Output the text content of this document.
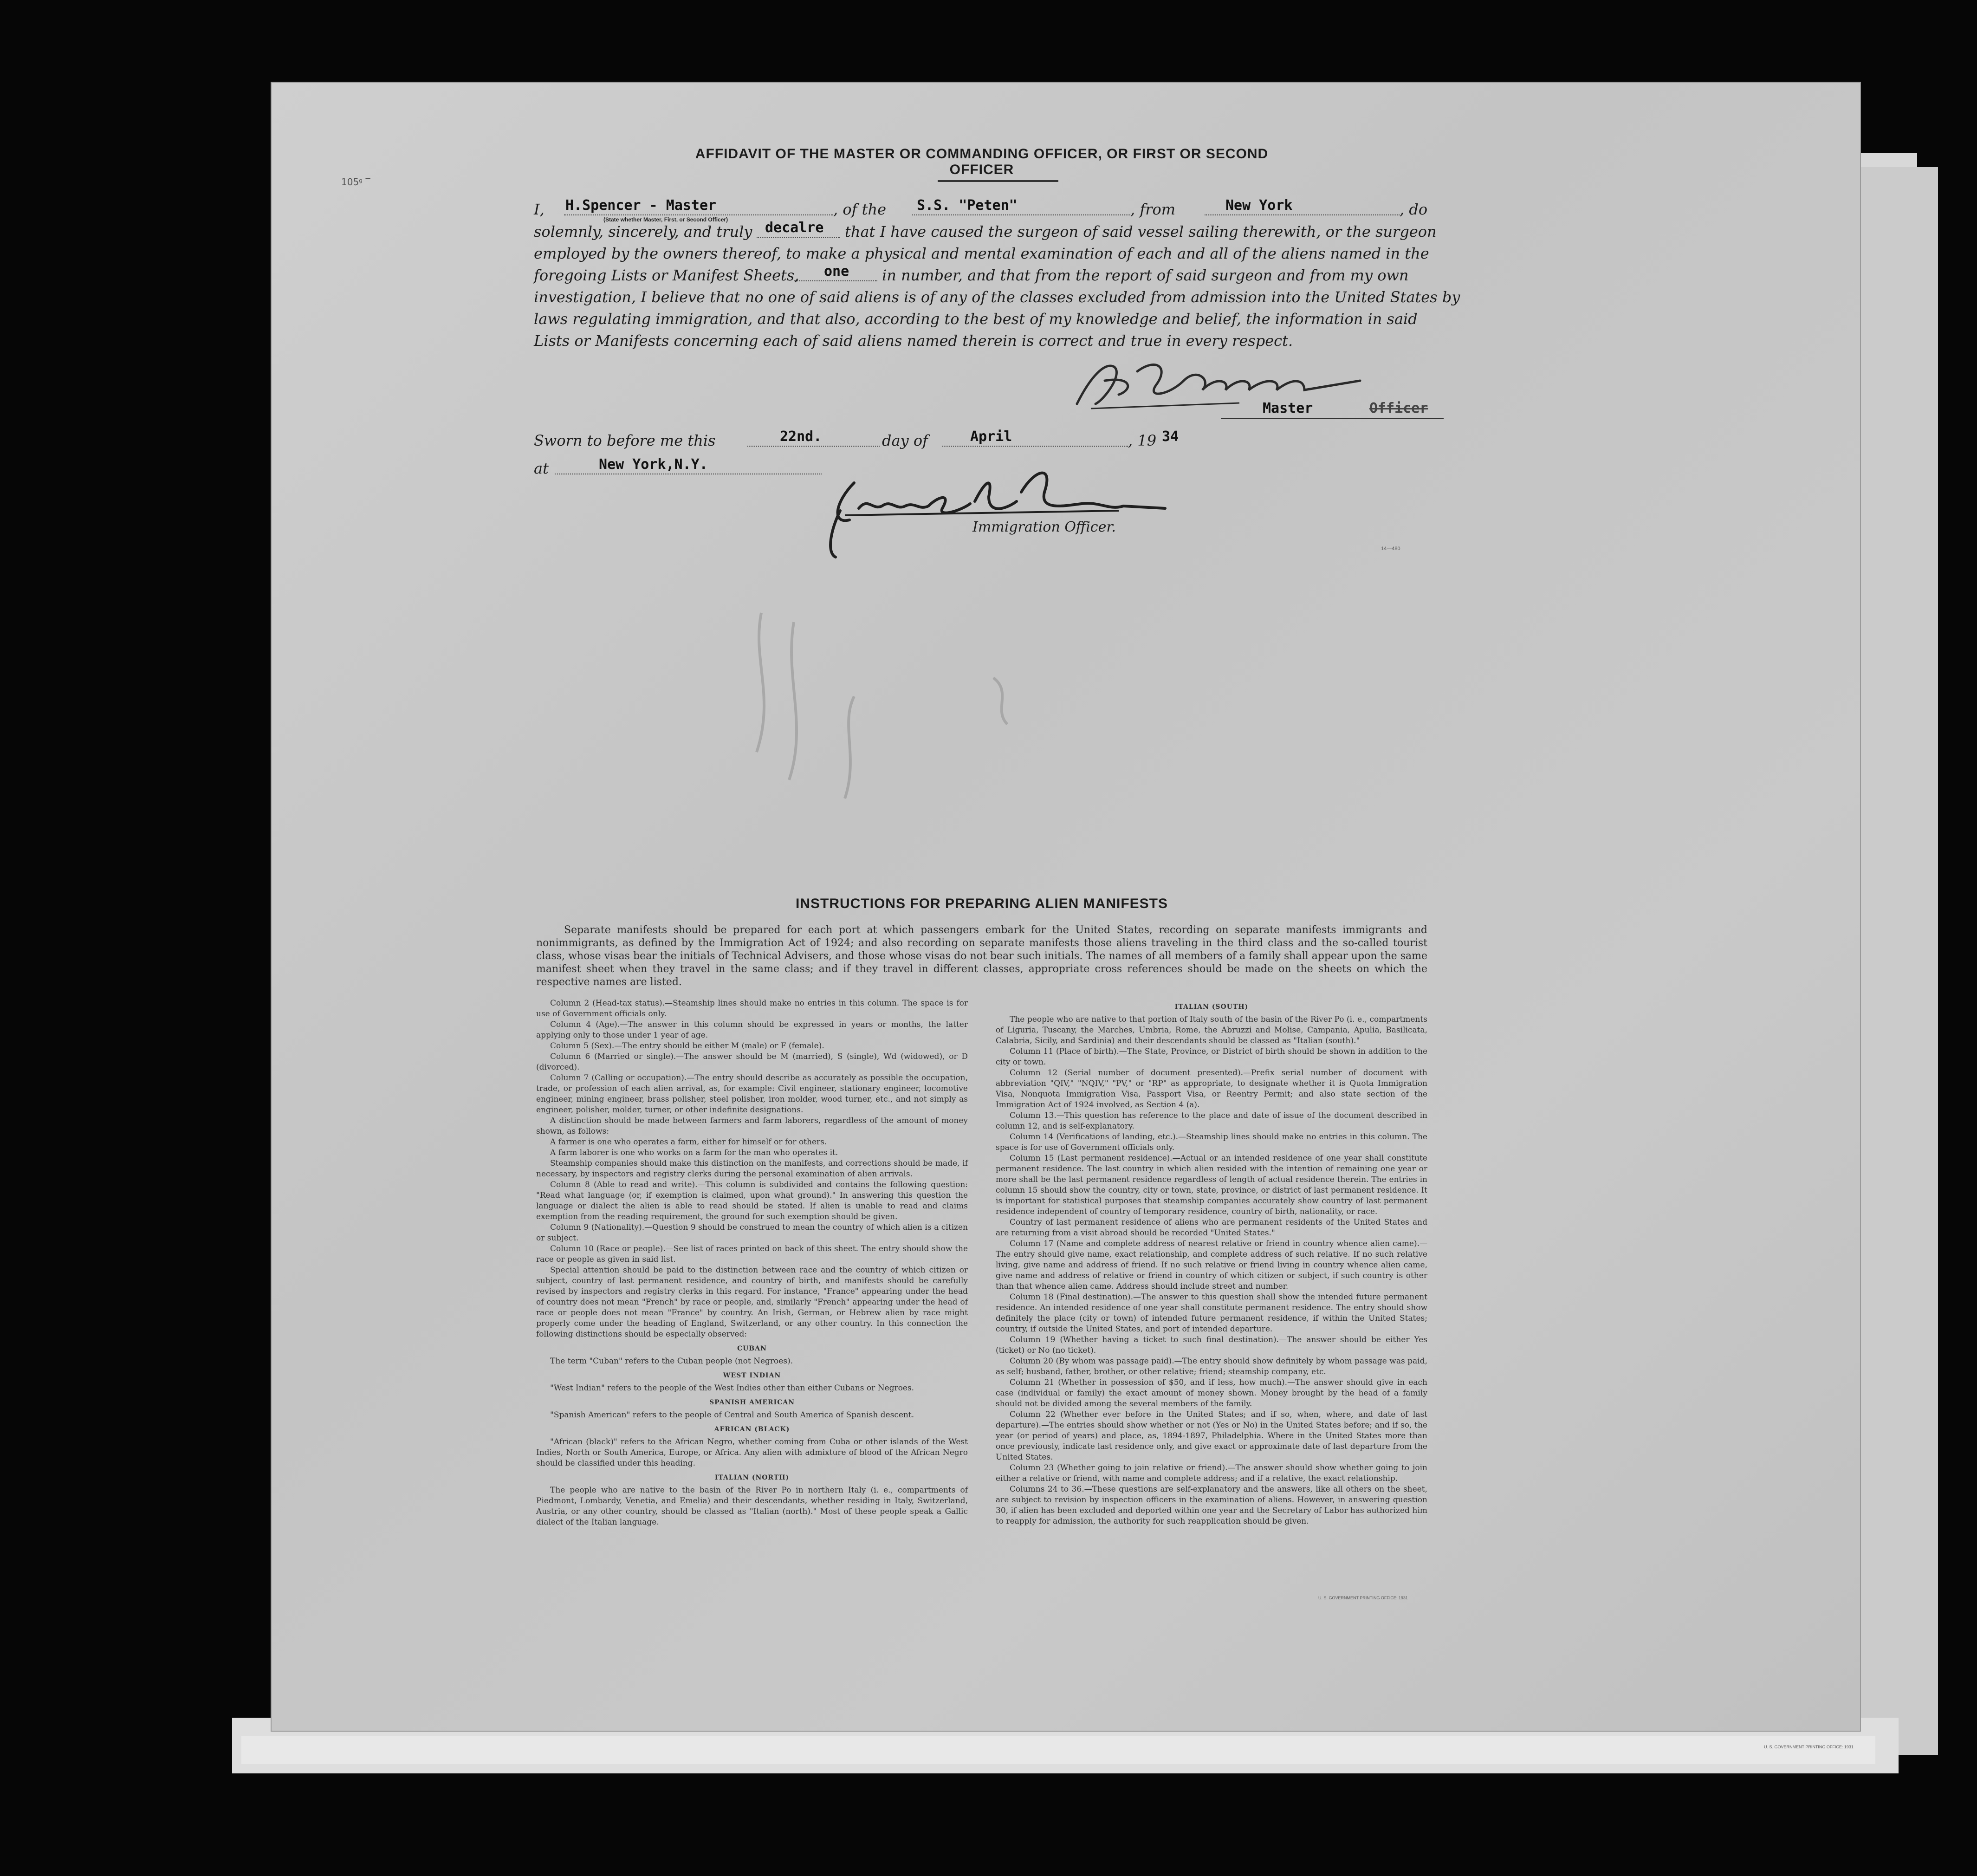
U. S. GOVERNMENT PRINTING OFFICE: 1931
105ᵍ ‾
AFFIDAVIT OF THE MASTER OR COMMANDING OFFICER, OR FIRST OR SECOND OFFICER
I, H.Spencer - Master
(State whether Master, First, or Second Officer)
, of the S.S. "Peten"	, from	New York	, do
solemnly, sincerely, and truly decalre that I have caused the surgeon of said vessel sailing therewith, or the surgeon
employed by the owners thereof, to make a physical and mental examination of each and all of the aliens named in the
foregoing Lists or Manifest Sheets, one in number, and that from the report of said surgeon and from my own
investigation, I believe that no one of said aliens is of any of the classes excluded from admission into the United States by
laws regulating immigration, and that also, according to the best of my knowledge and belief, the information in said
Lists or Manifests concerning each of said aliens named therein is correct and true in every respect.
Master	Officer
Sworn to before me this	22nd.	day of	April	, 19 34
at	New York,N.Y.
Immigration Officer.
14—480
INSTRUCTIONS FOR PREPARING ALIEN MANIFESTS
Separate manifests should be prepared for each port at which passengers embark for the United States, recording on separate manifests immigrants and nonimmigrants, as defined by the Immigration Act of 1924; and also recording on separate manifests those aliens traveling in the third class and the so-called tourist class, whose visas bear the initials of Technical Advisers, and those whose visas do not bear such initials. The names of all members of a family shall appear upon the same manifest sheet when they travel in the same class; and if they travel in different classes, appropriate cross references should be made on the sheets on which the respective names are listed.

Column 2 (Head-tax status).—Steamship lines should make no entries in this column. The space is for use of Government officials only.

Column 4 (Age).—The answer in this column should be expressed in years or months, the latter applying only to those under 1 year of age.

Column 5 (Sex).—The entry should be either M (male) or F (female).

Column 6 (Married or single).—The answer should be M (married), S (single), Wd (widowed), or D (divorced).

Column 7 (Calling or occupation).—The entry should describe as accurately as possible the occupation, trade, or profession of each alien arrival, as, for example: Civil engineer, stationary engineer, locomotive engineer, mining engineer, brass polisher, steel polisher, iron molder, wood turner, etc., and not simply as engineer, polisher, molder, turner, or other indefinite designations.

A distinction should be made between farmers and farm laborers, regardless of the amount of money shown, as follows:

A farmer is one who operates a farm, either for himself or for others.

A farm laborer is one who works on a farm for the man who operates it.

Steamship companies should make this distinction on the manifests, and corrections should be made, if necessary, by inspectors and registry clerks during the personal examination of alien arrivals.

Column 8 (Able to read and write).—This column is subdivided and contains the following question: "Read what language (or, if exemption is claimed, upon what ground)." In answering this question the language or dialect the alien is able to read should be stated. If alien is unable to read and claims exemption from the reading requirement, the ground for such exemption should be given.

Column 9 (Nationality).—Question 9 should be construed to mean the country of which alien is a citizen or subject.

Column 10 (Race or people).—See list of races printed on back of this sheet. The entry should show the race or people as given in said list.

Special attention should be paid to the distinction between race and the country of which citizen or subject, country of last permanent residence, and country of birth, and manifests should be carefully revised by inspectors and registry clerks in this regard. For instance, "France" appearing under the head of country does not mean "French" by race or people, and, similarly "French" appearing under the head of race or people does not mean "France" by country. An Irish, German, or Hebrew alien by race might properly come under the heading of England, Switzerland, or any other country. In this connection the following distinctions should be especially observed:

CUBAN

The term "Cuban" refers to the Cuban people (not Negroes).

WEST INDIAN

"West Indian" refers to the people of the West Indies other than either Cubans or Negroes.

SPANISH AMERICAN

"Spanish American" refers to the people of Central and South America of Spanish descent.

AFRICAN (BLACK)

"African (black)" refers to the African Negro, whether coming from Cuba or other islands of the West Indies, North or South America, Europe, or Africa. Any alien with admixture of blood of the African Negro should be classified under this heading.

ITALIAN (NORTH)

The people who are native to the basin of the River Po in northern Italy (i. e., compartments of Piedmont, Lombardy, Venetia, and Emelia) and their descendants, whether residing in Italy, Switzerland, Austria, or any other country, should be classed as "Italian (north)." Most of these people speak a Gallic dialect of the Italian language.

ITALIAN (SOUTH)

The people who are native to that portion of Italy south of the basin of the River Po (i. e., compartments of Liguria, Tuscany, the Marches, Umbria, Rome, the Abruzzi and Molise, Campania, Apulia, Basilicata, Calabria, Sicily, and Sardinia) and their descendants should be classed as "Italian (south)."

Column 11 (Place of birth).—The State, Province, or District of birth should be shown in addition to the city or town.

Column 12 (Serial number of document presented).—Prefix serial number of document with abbreviation "QIV," "NQIV," "PV," or "RP" as appropriate, to designate whether it is Quota Immigration Visa, Nonquota Immigration Visa, Passport Visa, or Reentry Permit; and also state section of the Immigration Act of 1924 involved, as Section 4 (a).

Column 13.—This question has reference to the place and date of issue of the document described in column 12, and is self-explanatory.

Column 14 (Verifications of landing, etc.).—Steamship lines should make no entries in this column. The space is for use of Government officials only.

Column 15 (Last permanent residence).—Actual or an intended residence of one year shall constitute permanent residence. The last country in which alien resided with the intention of remaining one year or more shall be the last permanent residence regardless of length of actual residence therein. The entries in column 15 should show the country, city or town, state, province, or district of last permanent residence. It is important for statistical purposes that steamship companies accurately show country of last permanent residence independent of country of temporary residence, country of birth, nationality, or race.

Country of last permanent residence of aliens who are permanent residents of the United States and are returning from a visit abroad should be recorded "United States."

Column 17 (Name and complete address of nearest relative or friend in country whence alien came).—The entry should give name, exact relationship, and complete address of such relative. If no such relative living, give name and address of friend. If no such relative or friend living in country whence alien came, give name and address of relative or friend in country of which citizen or subject, if such country is other than that whence alien came. Address should include street and number.

Column 18 (Final destination).—The answer to this question shall show the intended future permanent residence. An intended residence of one year shall constitute permanent residence. The entry should show definitely the place (city or town) of intended future permanent residence, if within the United States; country, if outside the United States, and port of intended departure.

Column 19 (Whether having a ticket to such final destination).—The answer should be either Yes (ticket) or No (no ticket).

Column 20 (By whom was passage paid).—The entry should show definitely by whom passage was paid, as self; husband, father, brother, or other relative; friend; steamship company, etc.

Column 21 (Whether in possession of $50, and if less, how much).—The answer should give in each case (individual or family) the exact amount of money shown. Money brought by the head of a family should not be divided among the several members of the family.

Column 22 (Whether ever before in the United States; and if so, when, where, and date of last departure).—The entries should show whether or not (Yes or No) in the United States before; and if so, the year (or period of years) and place, as, 1894-1897, Philadelphia. Where in the United States more than once previously, indicate last residence only, and give exact or approximate date of last departure from the United States.

Column 23 (Whether going to join relative or friend).—The answer should show whether going to join either a relative or friend, with name and complete address; and if a relative, the exact relationship.

Columns 24 to 36.—These questions are self-explanatory and the answers, like all others on the sheet, are subject to revision by inspection officers in the examination of aliens. However, in answering question 30, if alien has been excluded and deported within one year and the Secretary of Labor has authorized him to reapply for admission, the authority for such reapplication should be given.

U. S. GOVERNMENT PRINTING OFFICE: 1931
